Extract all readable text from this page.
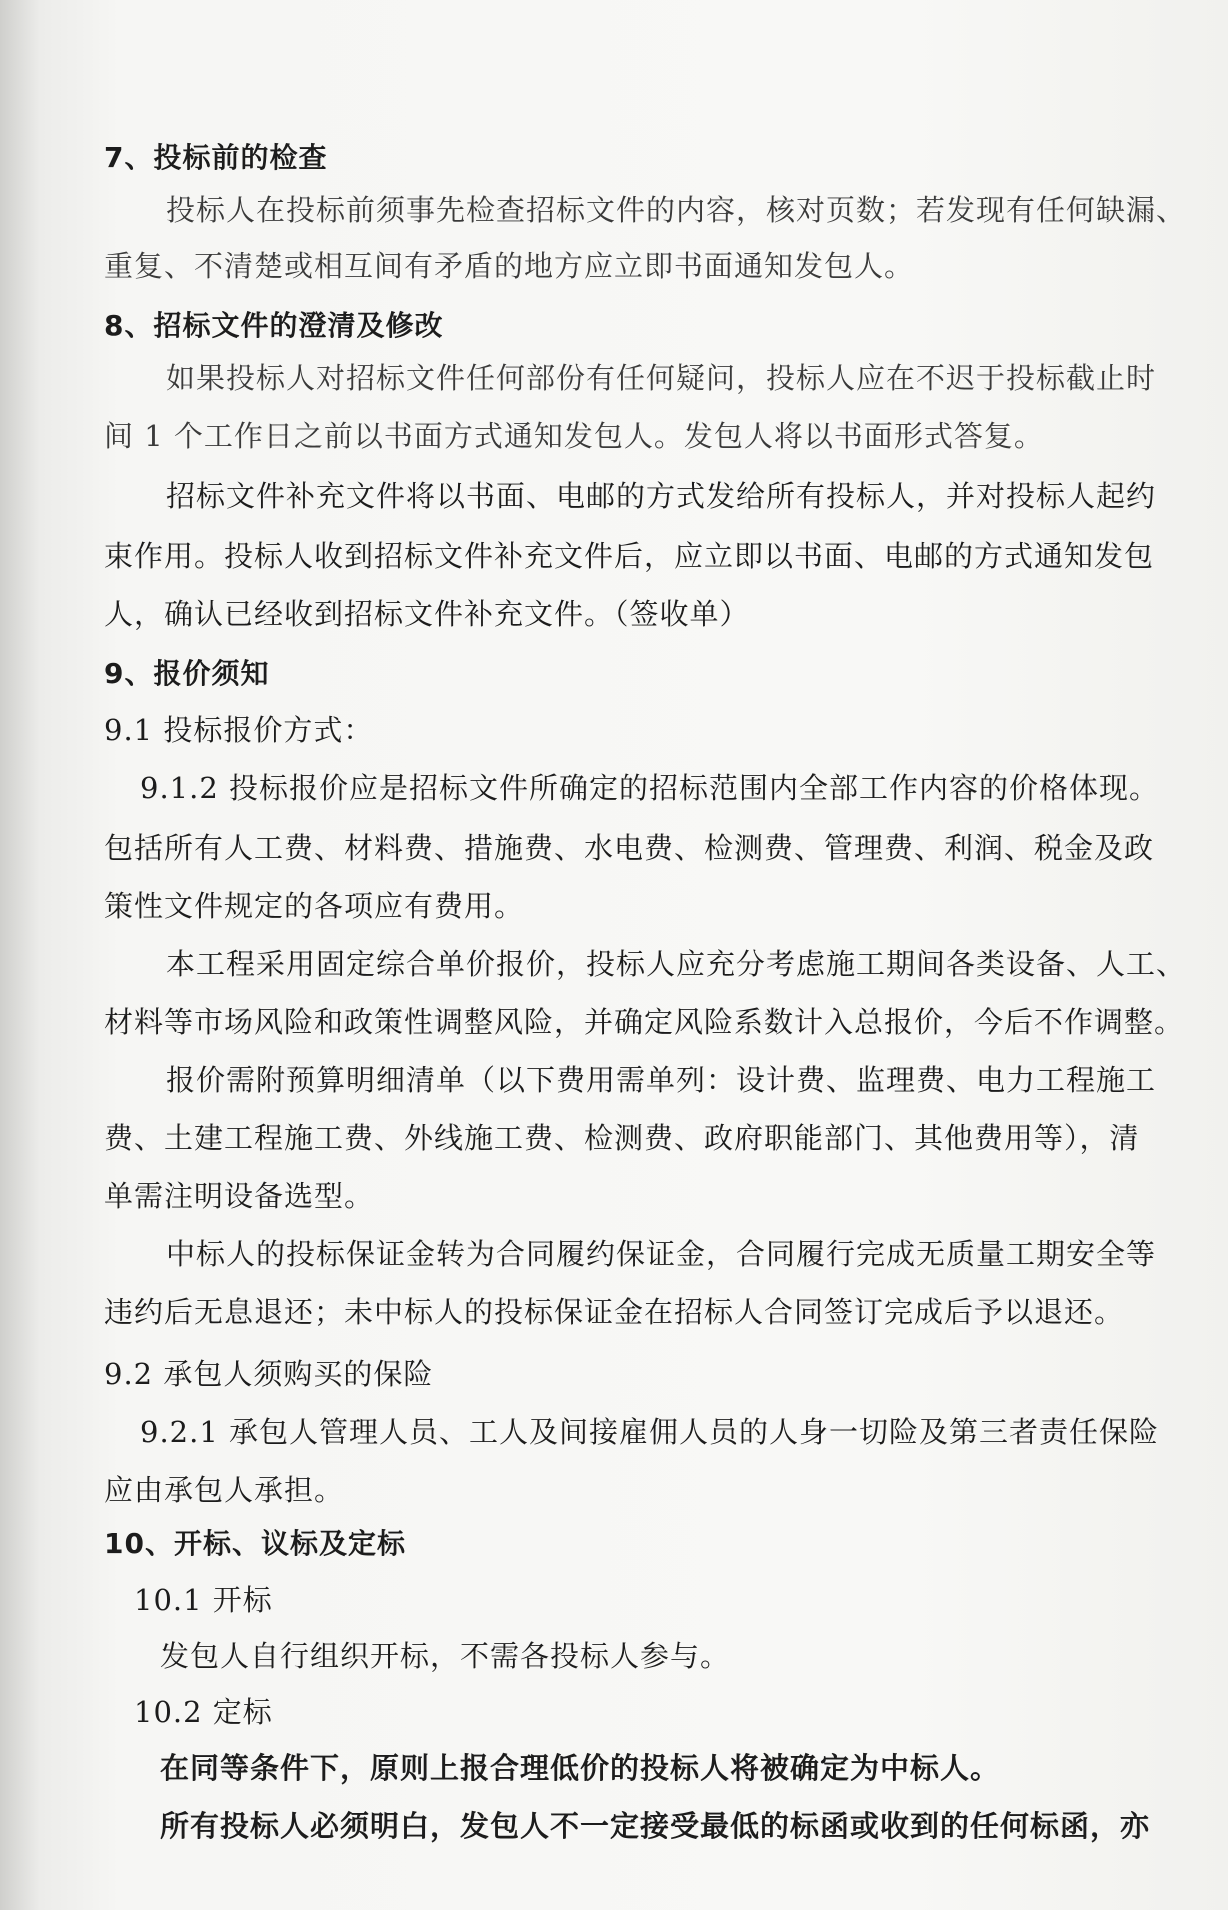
7、投标前的检查
投标人在投标前须事先检查招标文件的内容，核对页数；若发现有任何缺漏、
重复、不清楚或相互间有矛盾的地方应立即书面通知发包人。
8、招标文件的澄清及修改
如果投标人对招标文件任何部份有任何疑问，投标人应在不迟于投标截止时
间 1 个工作日之前以书面方式通知发包人。发包人将以书面形式答复。
招标文件补充文件将以书面、电邮的方式发给所有投标人，并对投标人起约
束作用。投标人收到招标文件补充文件后，应立即以书面、电邮的方式通知发包
人，确认已经收到招标文件补充文件。（签收单）
9、报价须知
9.1 投标报价方式：
9.1.2 投标报价应是招标文件所确定的招标范围内全部工作内容的价格体现。
包括所有人工费、材料费、措施费、水电费、检测费、管理费、利润、税金及政
策性文件规定的各项应有费用。
本工程采用固定综合单价报价，投标人应充分考虑施工期间各类设备、人工、
材料等市场风险和政策性调整风险，并确定风险系数计入总报价，今后不作调整。
报价需附预算明细清单（以下费用需单列：设计费、监理费、电力工程施工
费、土建工程施工费、外线施工费、检测费、政府职能部门、其他费用等），清
单需注明设备选型。
中标人的投标保证金转为合同履约保证金，合同履行完成无质量工期安全等
违约后无息退还；未中标人的投标保证金在招标人合同签订完成后予以退还。
9.2 承包人须购买的保险
9.2.1 承包人管理人员、工人及间接雇佣人员的人身一切险及第三者责任保险
应由承包人承担。
10、开标、议标及定标
10.1 开标
发包人自行组织开标，不需各投标人参与。
10.2 定标
在同等条件下，原则上报合理低价的投标人将被确定为中标人。
所有投标人必须明白，发包人不一定接受最低的标函或收到的任何标函，亦
